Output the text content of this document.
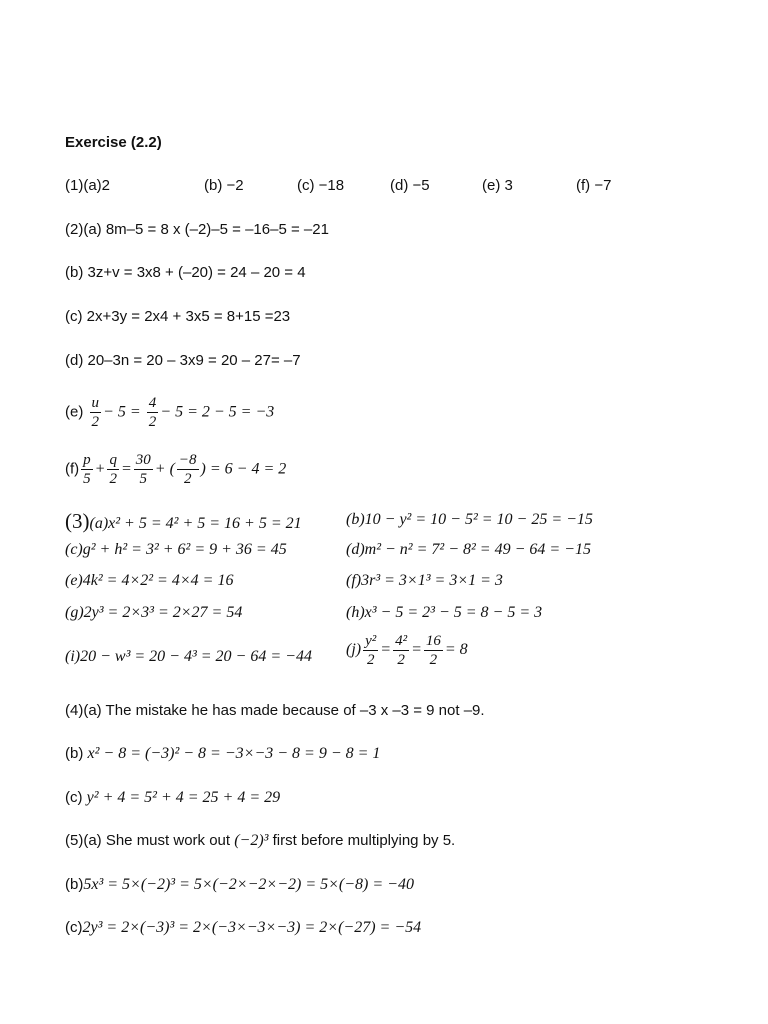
Exercise (2.2)
(1)(a)2	(b) −2	(c) −18	(d) −5	(e) 3	(f) −7
(2)(a) 8m–5 = 8 x (–2)–5 = –16–5 = –21
(b) 3z+v = 3x8 + (–20) = 24 – 20 = 4
(c) 2x+3y = 2x4 + 3x5 = 8+15 =23
(d) 20–3n = 20 – 3x9 = 20 – 27= –7
$(e) \frac{u}{2} - 5 = \frac{4}{2} - 5 = 2 - 5 = -3$
$(f) \frac{p}{5} + \frac{q}{2} = \frac{30}{5}$ + ( $\frac{-8}{2}$ ) = 6 − 4 = 2
(3)(a)x² + 5 = 4² + 5 = 16 + 5 = 21	(b)10 − y² = 10 − 5² = 10 − 25 = −15
(c)g² + h² = 3² + 6² = 9 + 36 = 45	(d)m² − n² = 7² − 8² = 49 − 64 = −15
(e)4k² = 4×2² = 4×4 = 16	(f)3r³ = 3×1³ = 3×1 = 3
(g)2y³ = 2×3³ = 2×27 = 54	(h)x³ − 5 = 2³ − 5 = 8 − 5 = 3
(i)20 − w³ = 20 − 4³ = 20 − 64 = −44 $(j) \frac{\text{y²}}{2} = \frac{\text{4²}}{2} = \frac{16}{2} = 8$
(4)(a) The mistake he has made because of –3 x –3 = 9 not –9.
(b) x² − 8 = (−3)² − 8 = −3×−3 − 8 = 9 − 8 = 1
(c) y² + 4 = 5² + 4 = 25 + 4 = 29
(5)(a) She must work out (−2)³ first before multiplying by 5.
(b)5x³ = 5×(−2)³ = 5×(−2×−2×−2) = 5×(−8) = −40
(c)2y³ = 2×(−3)³ = 2×(−3×−3×−3) = 2×(−27) = −54
